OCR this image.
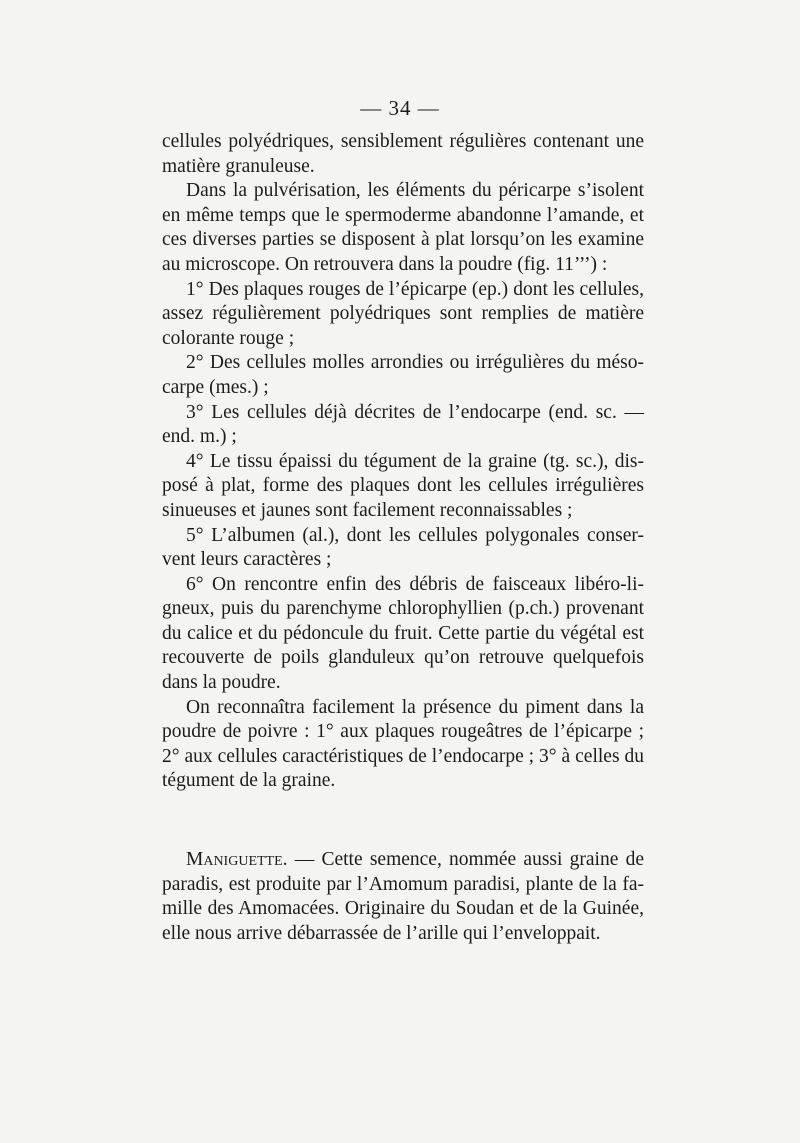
— 34 —

cellules polyédriques, sensiblement régulières contenant une matière granuleuse.

Dans la pulvérisation, les éléments du péricarpe s’isolent en même temps que le spermoderme abandonne l’amande, et ces diverses parties se disposent à plat lorsqu’on les examine au microscope. On retrouvera dans la poudre (fig. 11’’’) :

1° Des plaques rouges de l’épicarpe (ep.) dont les cellules, assez régulièrement polyédriques sont remplies de matière colorante rouge ;

2° Des cellules molles arrondies ou irrégulières du méso-carpe (mes.) ;

3° Les cellules déjà décrites de l’endocarpe (end. sc. — end. m.) ;

4° Le tissu épaissi du tégument de la graine (tg. sc.), dis-posé à plat, forme des plaques dont les cellules irrégulières sinueuses et jaunes sont facilement reconnaissables ;

5° L’albumen (al.), dont les cellules polygonales conser-vent leurs caractères ;

6° On rencontre enfin des débris de faisceaux libéro-li-gneux, puis du parenchyme chlorophyllien (p.ch.) provenant du calice et du pédoncule du fruit. Cette partie du végétal est recouverte de poils glanduleux qu’on retrouve quelquefois dans la poudre.

On reconnaîtra facilement la présence du piment dans la poudre de poivre : 1° aux plaques rougeâtres de l’épicarpe ; 2° aux cellules caractéristiques de l’endocarpe ; 3° à celles du tégument de la graine.

Maniguette. — Cette semence, nommée aussi graine de paradis, est produite par l’Amomum paradisi, plante de la fa-mille des Amomacées. Originaire du Soudan et de la Guinée, elle nous arrive débarrassée de l’arille qui l’enveloppait.
